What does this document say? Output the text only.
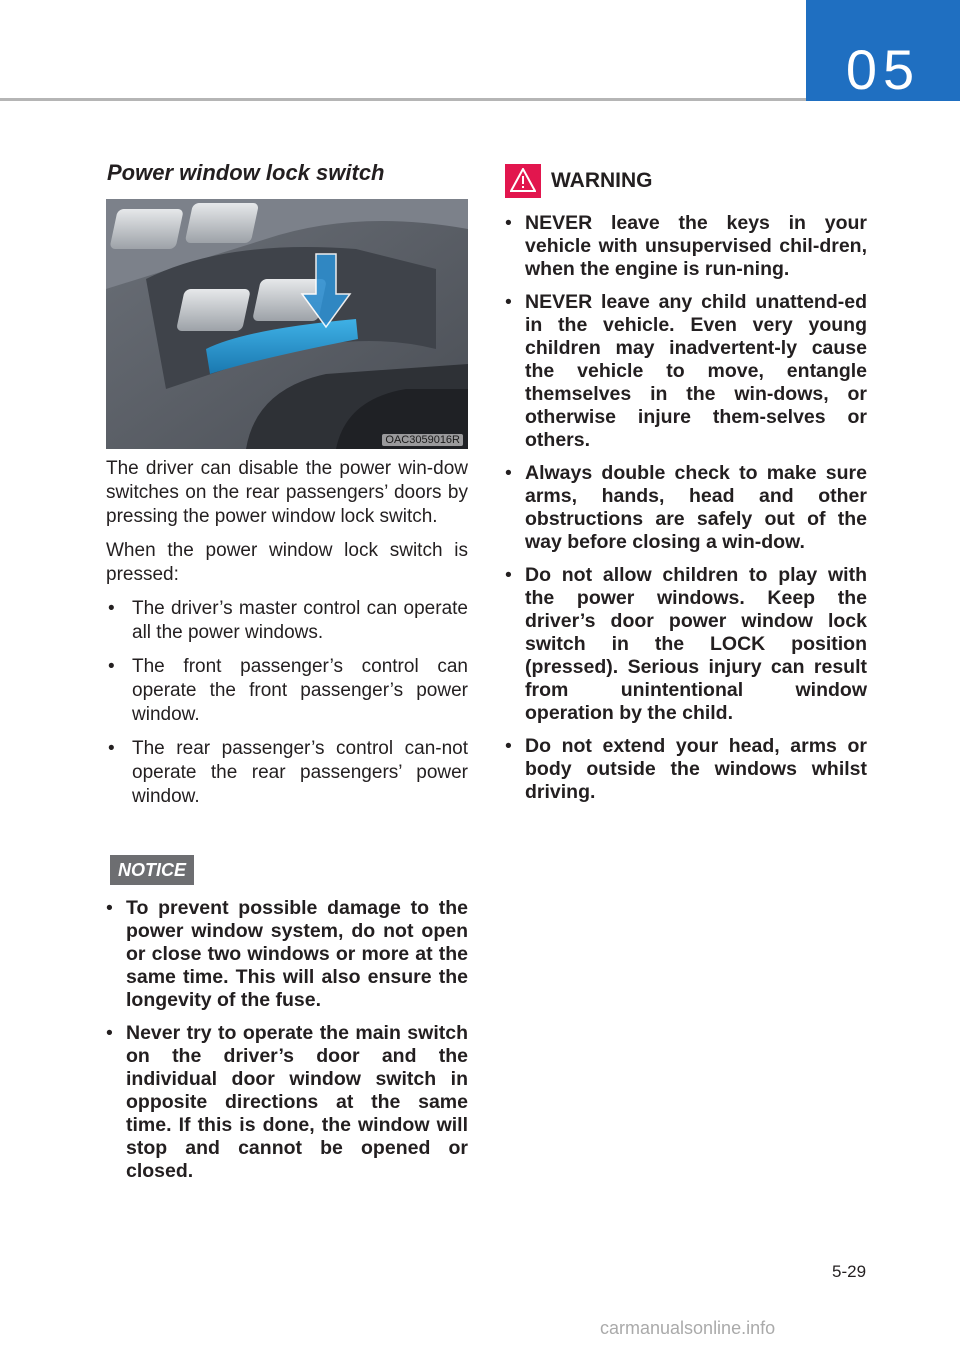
05
Power window lock switch
OAC3059016R

The driver can disable the power win-dow switches on the rear passengers’ doors by pressing the power window lock switch.

When the power window lock switch is pressed:

• The driver’s master control can operate all the power windows.
• The front passenger’s control can operate the front passenger’s power window.
• The rear passenger’s control can-not operate the rear passengers’ power window.
NOTICE
• To prevent possible damage to the power window system, do not open or close two windows or more at the same time. This will also ensure the longevity of the fuse.
• Never try to operate the main switch on the driver’s door and the individual door window switch in opposite directions at the same time. If this is done, the window will stop and cannot be opened or closed.
WARNING
• NEVER leave the keys in your vehicle with unsupervised chil-dren, when the engine is run-ning.
• NEVER leave any child unattend-ed in the vehicle. Even very young children may inadvertent-ly cause the vehicle to move, entangle themselves in the win-dows, or otherwise injure them-selves or others.
• Always double check to make sure arms, hands, head and other obstructions are safely out of the way before closing a win-dow.
• Do not allow children to play with the power windows. Keep the driver’s door power window lock switch in the LOCK position (pressed). Serious injury can result from unintentional window operation by the child.
• Do not extend your head, arms or body outside the windows whilst driving.
5-29
carmanualsonline.info
